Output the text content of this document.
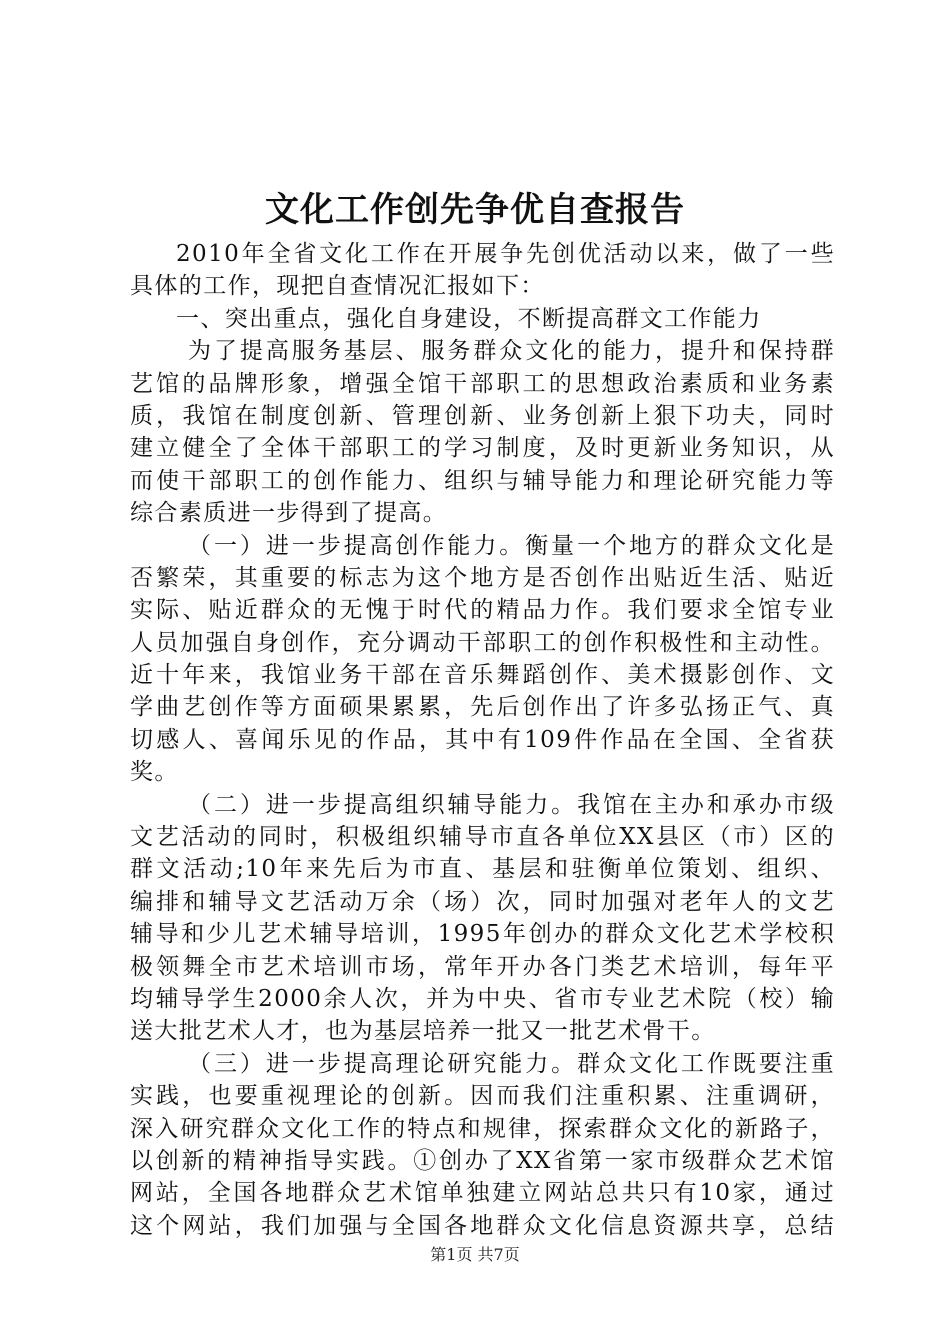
文化工作创先争优自查报告
2010年全省文化工作在开展争先创优活动以来，做了一些
具体的工作，现把自查情况汇报如下：
一、突出重点，强化自身建设，不断提高群文工作能力
为了提高服务基层、服务群众文化的能力，提升和保持群
艺馆的品牌形象，增强全馆干部职工的思想政治素质和业务素
质，我馆在制度创新、管理创新、业务创新上狠下功夫，同时
建立健全了全体干部职工的学习制度，及时更新业务知识，从
而使干部职工的创作能力、组织与辅导能力和理论研究能力等
综合素质进一步得到了提高。
（一）进一步提高创作能力。衡量一个地方的群众文化是
否繁荣，其重要的标志为这个地方是否创作出贴近生活、贴近
实际、贴近群众的无愧于时代的精品力作。我们要求全馆专业
人员加强自身创作，充分调动干部职工的创作积极性和主动性。
近十年来，我馆业务干部在音乐舞蹈创作、美术摄影创作、文
学曲艺创作等方面硕果累累，先后创作出了许多弘扬正气、真
切感人、喜闻乐见的作品，其中有109件作品在全国、全省获
奖。
（二）进一步提高组织辅导能力。我馆在主办和承办市级
文艺活动的同时，积极组织辅导市直各单位XX县区（市）区的
群文活动;10年来先后为市直、基层和驻衡单位策划、组织、
编排和辅导文艺活动万余（场）次，同时加强对老年人的文艺
辅导和少儿艺术辅导培训，1995年创办的群众文化艺术学校积
极领舞全市艺术培训市场，常年开办各门类艺术培训，每年平
均辅导学生2000余人次，并为中央、省市专业艺术院（校）输
送大批艺术人才，也为基层培养一批又一批艺术骨干。
（三）进一步提高理论研究能力。群众文化工作既要注重
实践，也要重视理论的创新。因而我们注重积累、注重调研，
深入研究群众文化工作的特点和规律，探索群众文化的新路子，
以创新的精神指导实践。①创办了XX省第一家市级群众艺术馆
网站，全国各地群众艺术馆单独建立网站总共只有10家，通过
这个网站，我们加强与全国各地群众文化信息资源共享，总结
第1页 共7页
